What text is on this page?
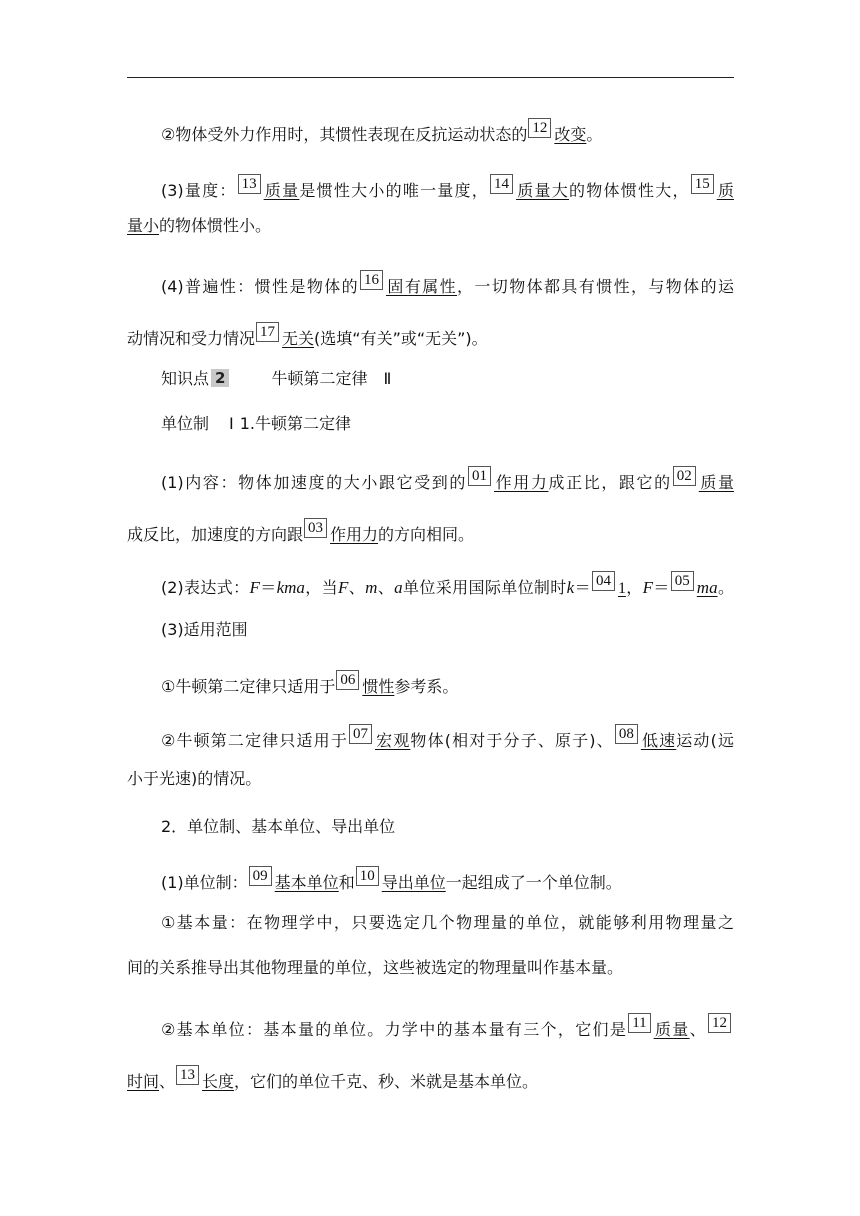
②物体受外力作用时，其惯性表现在反抗运动状态的 12 改变。
(3)量度： 13 质量是惯性大小的唯一量度， 14 质量大的物体惯性大， 15 质
量小的物体惯性小。
(4)普遍性：惯性是物体的 16 固有属性，一切物体都具有惯性，与物体的运
动情况和受力情况 17 无关(选填“有关”或“无关”)。
知识点 2	牛顿第二定律 Ⅱ
单位制 Ⅰ 1.牛顿第二定律
(1)内容：物体加速度的大小跟它受到的 01 作用力成正比，跟它的 02 质量
成反比，加速度的方向跟 03 作用力的方向相同。
(2)表达式：F＝kma，当F、m、a单位采用国际单位制时k＝ 04 1，F＝ 05 ma。
(3)适用范围
①牛顿第二定律只适用于 06 惯性参考系。
②牛顿第二定律只适用于 07 宏观物体(相对于分子、原子)、 08 低速运动(远
小于光速)的情况。
2．单位制、基本单位、导出单位
(1)单位制： 09 基本单位和 10 导出单位一起组成了一个单位制。
①基本量：在物理学中，只要选定几个物理量的单位，就能够利用物理量之
间的关系推导出其他物理量的单位，这些被选定的物理量叫作基本量。
②基本单位：基本量的单位。力学中的基本量有三个，它们是 11 质量、 12
时间、 13 长度，它们的单位千克、秒、米就是基本单位。
